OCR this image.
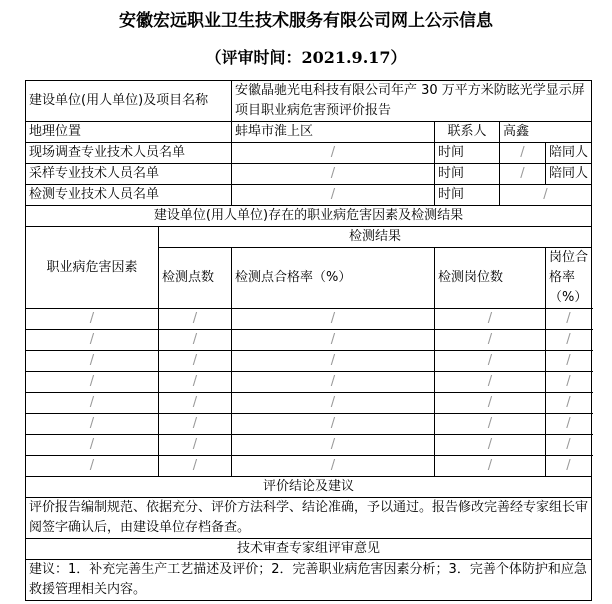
安徽宏远职业卫生技术服务有限公司网上公示信息
（评审时间：2021.9.17）
建设单位(用人单位)及项目名称		安徽晶驰光电科技有限公司年产 30 万平方米防眩光学显示屏项目职业病危害预评价报告			
地理位置		蚌埠市淮上区	联系人	高鑫	
现场调查专业技术人员名单		/	时间	/	陪同人
采样专业技术人员名单		/	时间	/	陪同人
检测专业技术人员名单		/	时间	/	
建设单位(用人单位)存在的职业病危害因素及检测结果					
职业病危害因素	检测结果				
	检测点数	检测点合格率（%）	检测岗位数		岗位合格率（%）
/	/	/	/		/
/	/	/	/		/
/	/	/	/		/
/	/	/	/		/
/	/	/	/		/
/	/	/	/		/
/	/	/	/		/
/	/	/	/		/
评价结论及建议					
评价报告编制规范、依据充分、评价方法科学、结论准确，予以通过。报告修改完善经专家组长审阅签字确认后，由建设单位存档备查。					
技术审查专家组评审意见					
建议：1．补充完善生产工艺描述及评价；2．完善职业病危害因素分析；3．完善个体防护和应急救援管理相关内容。					
